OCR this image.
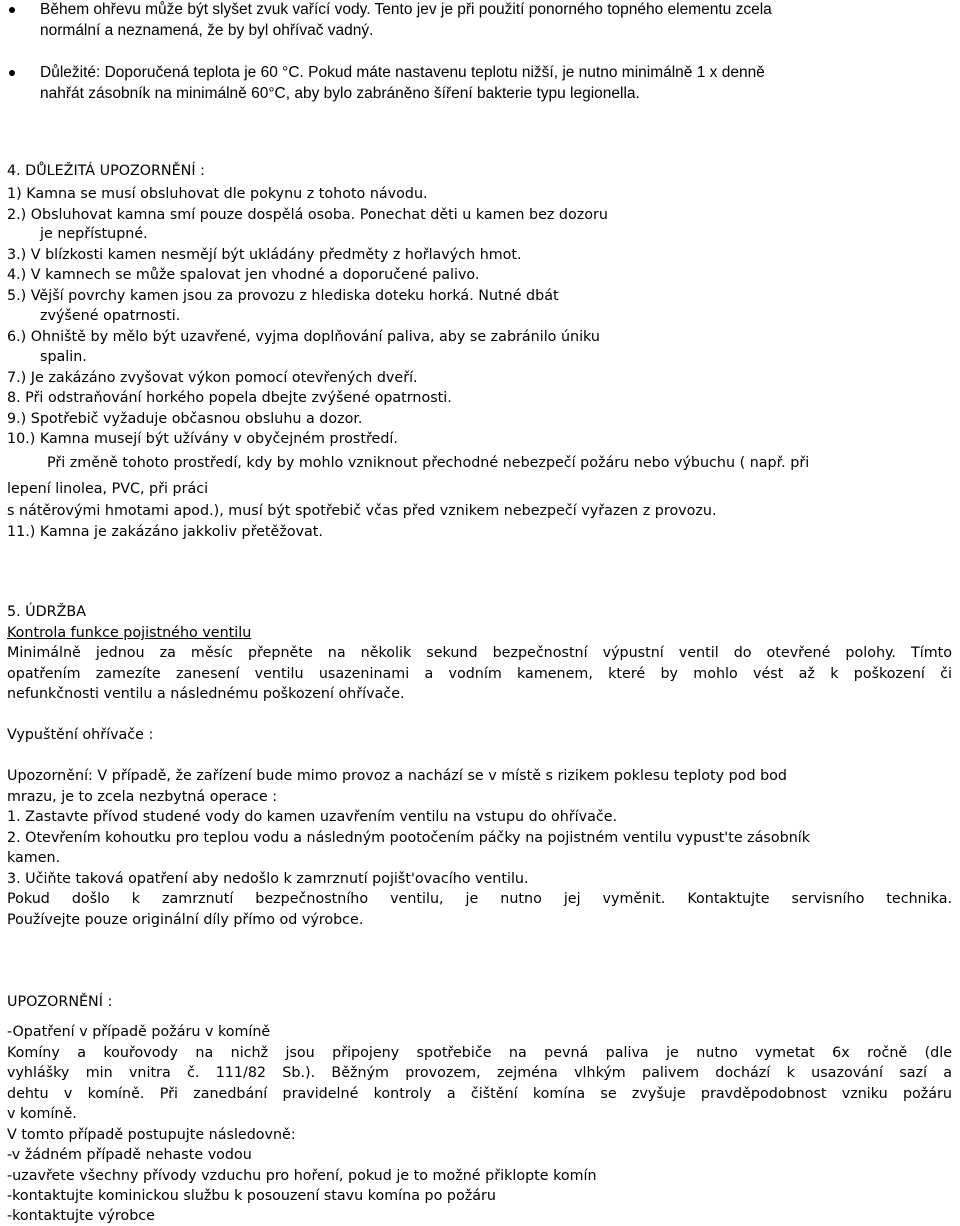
Během ohřevu může být slyšet zvuk vařící vody. Tento jev je při použití ponorného topného elementu zcela
normální a neznamená, že by byl ohřívač vadný.
Důležité: Doporučená teplota je 60 °C. Pokud máte nastavenu teplotu nižší, je nutno minimálně 1 x denně
nahřát zásobník na minimálně 60°C, aby bylo zabráněno šíření bakterie typu legionella.
4. DŮLEŽITÁ UPOZORNĚNÍ :
1) Kamna se musí obsluhovat dle pokynu z tohoto návodu.
2.) Obsluhovat kamna smí pouze dospělá osoba. Ponechat děti u kamen bez dozoru
je nepřístupné.
3.) V blízkosti kamen nesmějí být ukládány předměty z hořlavých hmot.
4.) V kamnech se může spalovat jen vhodné a doporučené palivo.
5.) Vější povrchy kamen jsou za provozu z hlediska doteku horká. Nutné dbát
zvýšené opatrnosti.
6.) Ohniště by mělo být uzavřené, vyjma doplňování paliva, aby se zabránilo úniku
spalin.
7.) Je zakázáno zvyšovat výkon pomocí otevřených dveří.
8. Při odstraňování horkého popela dbejte zvýšené opatrnosti.
9.) Spotřebič vyžaduje občasnou obsluhu a dozor.
10.) Kamna musejí být užívány v obyčejném prostředí.
Při změně tohoto prostředí, kdy by mohlo vzniknout přechodné nebezpečí požáru nebo výbuchu ( např. při
lepení linolea, PVC, při práci
s nátěrovými hmotami apod.), musí být spotřebič včas před vznikem nebezpečí vyřazen z provozu.
11.) Kamna je zakázáno jakkoliv přetěžovat.
5. ÚDRŽBA
Kontrola funkce pojistného ventilu
Minimálně jednou za měsíc přepněte na několik sekund bezpečnostní výpustní ventil do otevřené polohy. Tímto
opatřením zamezíte zanesení ventilu usazeninami a vodním kamenem, které by mohlo vést až k poškození či
nefunkčnosti ventilu a následnému poškození ohřívače.
Vypuštění ohřívače :
Upozornění: V případě, že zařízení bude mimo provoz a nachází se v místě s rizikem poklesu teploty pod bod
mrazu, je to zcela nezbytná operace :
1. Zastavte přívod studené vody do kamen uzavřením ventilu na vstupu do ohřívače.
2. Otevřením kohoutku pro teplou vodu a následným pootočením páčky na pojistném ventilu vypust'te zásobník
kamen.
3. Učiňte taková opatření aby nedošlo k zamrznutí pojišt'ovacího ventilu.
Pokud došlo k zamrznutí bezpečnostního ventilu, je nutno jej vyměnit. Kontaktujte servisního technika.
Používejte pouze originální díly přímo od výrobce.
UPOZORNĚNÍ :
-Opatření v případě požáru v komíně
Komíny a kouřovody na nichž jsou připojeny spotřebiče na pevná paliva je nutno vymetat 6x ročně (dle
vyhlášky min vnitra č. 111/82 Sb.). Běžným provozem, zejména vlhkým palivem dochází k usazování sazí a
dehtu v komíně. Při zanedbání pravidelné kontroly a čištění komína se zvyšuje pravděpodobnost vzniku požáru
v komíně.
V tomto případě postupujte následovně:
-v žádném případě nehaste vodou
-uzavřete všechny přívody vzduchu pro hoření, pokud je to možné přiklopte komín
-kontaktujte kominickou službu k posouzení stavu komína po požáru
-kontaktujte výrobce
